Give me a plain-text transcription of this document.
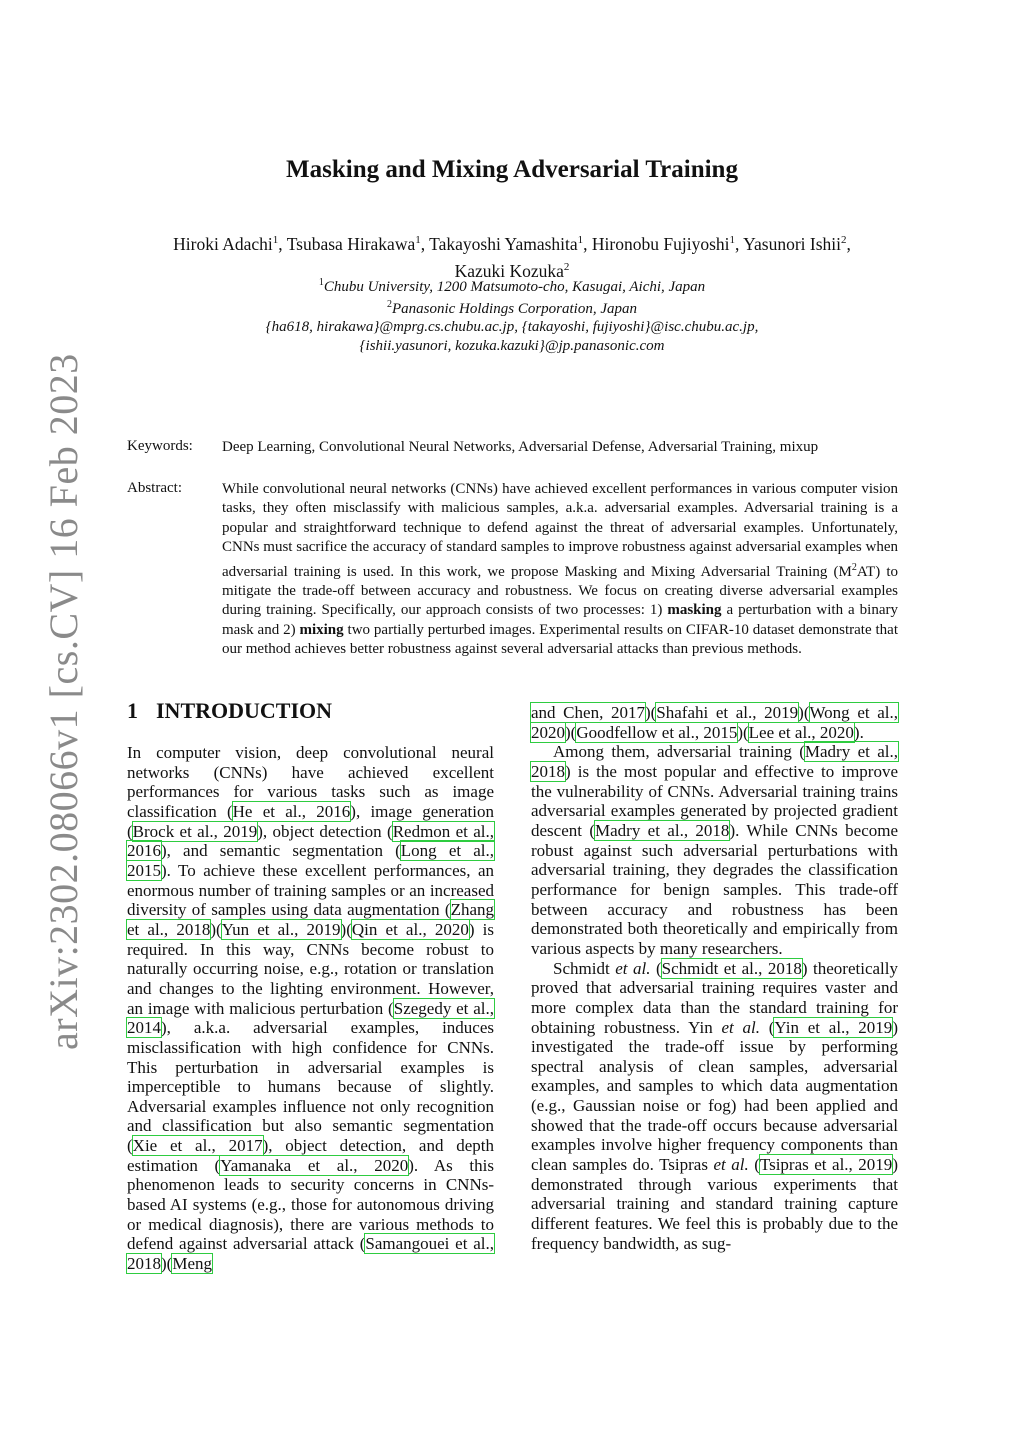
arXiv:2302.08066v1 [cs.CV] 16 Feb 2023
Masking and Mixing Adversarial Training
Hiroki Adachi$^1$, Tsubasa Hirakawa$^1$, Takayoshi Yamashita$^1$, Hironobu Fujiyoshi$^1$, Yasunori Ishii$^2$,
Kazuki Kozuka$^2$
$^1$Chubu University, 1200 Matsumoto-cho, Kasugai, Aichi, Japan
$^2$Panasonic Holdings Corporation, Japan
{ha618, hirakawa}@mprg.cs.chubu.ac.jp, {takayoshi, fujiyoshi}@isc.chubu.ac.jp,
{ishii.yasunori, kozuka.kazuki}@jp.panasonic.com
Keywords: Deep Learning, Convolutional Neural Networks, Adversarial Defense, Adversarial Training, mixup
Abstract:	While convolutional neural networks (CNNs) have achieved excellent performances in various computer vision tasks, they often misclassify with malicious samples, a.k.a. adversarial examples. Adversarial training is a popular and straightforward technique to defend against the threat of adversarial examples. Unfortunately, CNNs must sacrifice the accuracy of standard samples to improve robustness against adversarial examples when adversarial training is used. In this work, we propose Masking and Mixing Adversarial Training $(M^2AT)$ to mitigate the trade-off between accuracy and robustness. We focus on creating diverse adversarial examples during training. Specifically, our approach consists of two processes: 1) masking a perturbation with a binary mask and 2) mixing two partially perturbed images. Experimental results on CIFAR-10 dataset demonstrate that our method achieves better robustness against several adversarial attacks than previous methods.
1 INTRODUCTION

In computer vision, deep convolutional neural networks (CNNs) have achieved excellent performances for various tasks such as image classification (He et al., 2016), image generation (Brock et al., 2019), object detection (Redmon et al., 2016), and semantic segmentation (Long et al., 2015). To achieve these excellent performances, an enormous number of training samples or an increased diversity of samples using data augmentation (Zhang et al., 2018)(Yun et al., 2019)(Qin et al., 2020) is required. In this way, CNNs become robust to naturally occurring noise, e.g., rotation or translation and changes to the lighting environment. However, an image with malicious perturbation (Szegedy et al., 2014), a.k.a. adversarial examples, induces misclassification with high confidence for CNNs. This perturbation in adversarial examples is imperceptible to humans because of slightly. Adversarial examples influence not only recognition and classification but also semantic segmentation (Xie et al., 2017), object detection, and depth estimation (Yamanaka et al., 2020). As this phenomenon leads to security concerns in CNNs-based AI systems (e.g., those for autonomous driving or medical diagnosis), there are various methods to defend against adversarial attack (Samangouei et al., 2018)(Meng

and Chen, 2017)(Shafahi et al., 2019)(Wong et al., 2020)(Goodfellow et al., 2015)(Lee et al., 2020).

Among them, adversarial training (Madry et al., 2018) is the most popular and effective to improve the vulnerability of CNNs. Adversarial training trains adversarial examples generated by projected gradient descent (Madry et al., 2018). While CNNs become robust against such adversarial perturbations with adversarial training, they degrades the classification performance for benign samples. This trade-off between accuracy and robustness has been demonstrated both theoretically and empirically from various aspects by many researchers.

Schmidt et al. (Schmidt et al., 2018) theoretically proved that adversarial training requires vaster and more complex data than the standard training for obtaining robustness. Yin et al. (Yin et al., 2019) investigated the trade-off issue by performing spectral analysis of clean samples, adversarial examples, and samples to which data augmentation (e.g., Gaussian noise or fog) had been applied and showed that the trade-off occurs because adversarial examples involve higher frequency components than clean samples do. Tsipras et al. (Tsipras et al., 2019) demonstrated through various experiments that adversarial training and standard training capture different features. We feel this is probably due to the frequency bandwidth, as sug-
